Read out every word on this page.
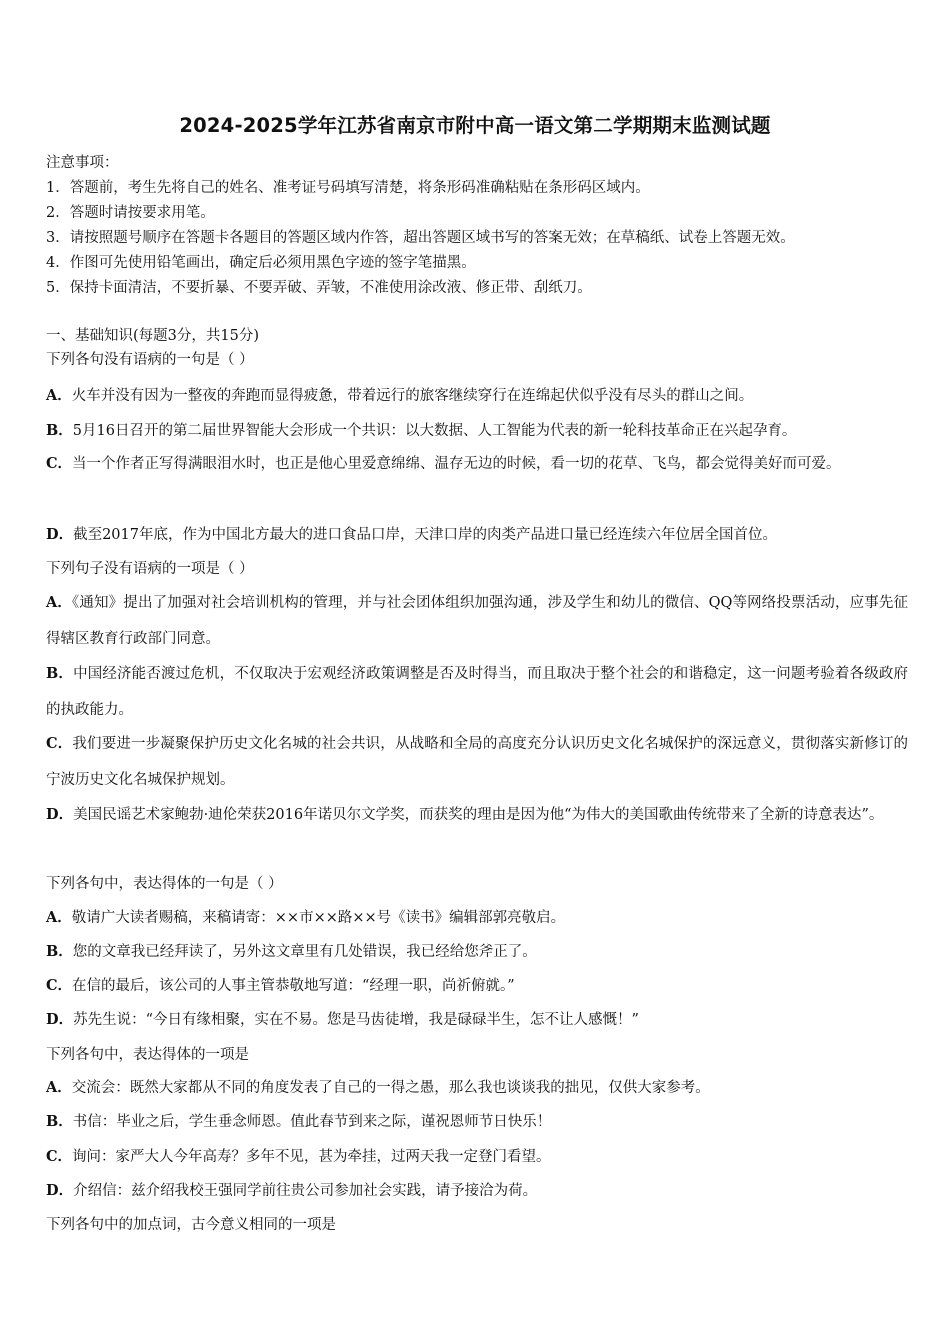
2024-2025学年江苏省南京市附中高一语文第二学期期末监测试题
注意事项：
1．答题前，考生先将自己的姓名、准考证号码填写清楚，将条形码准确粘贴在条形码区域内。
2．答题时请按要求用笔。
3．请按照题号顺序在答题卡各题目的答题区域内作答，超出答题区域书写的答案无效；在草稿纸、试卷上答题无效。
4．作图可先使用铅笔画出，确定后必须用黑色字迹的签字笔描黑。
5．保持卡面清洁，不要折暴、不要弄破、弄皱，不准使用涂改液、修正带、刮纸刀。
一、基础知识(每题3分，共15分)
下列各句没有语病的一句是（ ）
A．火车并没有因为一整夜的奔跑而显得疲惫，带着远行的旅客继续穿行在连绵起伏似乎没有尽头的群山之间。
B．5月16日召开的第二届世界智能大会形成一个共识：以大数据、人工智能为代表的新一轮科技革命正在兴起孕育。
C．当一个作者正写得满眼泪水时，也正是他心里爱意绵绵、温存无边的时候，看一切的花草、飞鸟，都会觉得美好而可爱。
D．截至2017年底，作为中国北方最大的进口食品口岸，天津口岸的肉类产品进口量已经连续六年位居全国首位。
下列句子没有语病的一项是（ ）
A．《通知》提出了加强对社会培训机构的管理，并与社会团体组织加强沟通，涉及学生和幼儿的微信、QQ等网络投票活动，应事先征得辖区教育行政部门同意。
B．中国经济能否渡过危机，不仅取决于宏观经济政策调整是否及时得当，而且取决于整个社会的和谐稳定，这一问题考验着各级政府的执政能力。
C．我们要进一步凝聚保护历史文化名城的社会共识，从战略和全局的高度充分认识历史文化名城保护的深远意义，贯彻落实新修订的宁波历史文化名城保护规划。
D．美国民谣艺术家鲍勃·迪伦荣获2016年诺贝尔文学奖，而获奖的理由是因为他“为伟大的美国歌曲传统带来了全新的诗意表达”。
下列各句中，表达得体的一句是（ ）
A．敬请广大读者赐稿，来稿请寄：××市××路××号《读书》编辑部郭亮敬启。
B．您的文章我已经拜读了，另外这文章里有几处错误，我已经给您斧正了。
C．在信的最后，该公司的人事主管恭敬地写道：“经理一职，尚祈俯就。”
D．苏先生说：“今日有缘相聚，实在不易。您是马齿徒增，我是碌碌半生，怎不让人感慨！”
下列各句中，表达得体的一项是
A．交流会：既然大家都从不同的角度发表了自己的一得之愚，那么我也谈谈我的拙见，仅供大家参考。
B．书信：毕业之后，学生垂念师恩。值此春节到来之际，谨祝恩师节日快乐！
C．询问：家严大人今年高寿？多年不见，甚为牵挂，过两天我一定登门看望。
D．介绍信：兹介绍我校王强同学前往贵公司参加社会实践，请予接洽为荷。
下列各句中的加点词，古今意义相同的一项是
